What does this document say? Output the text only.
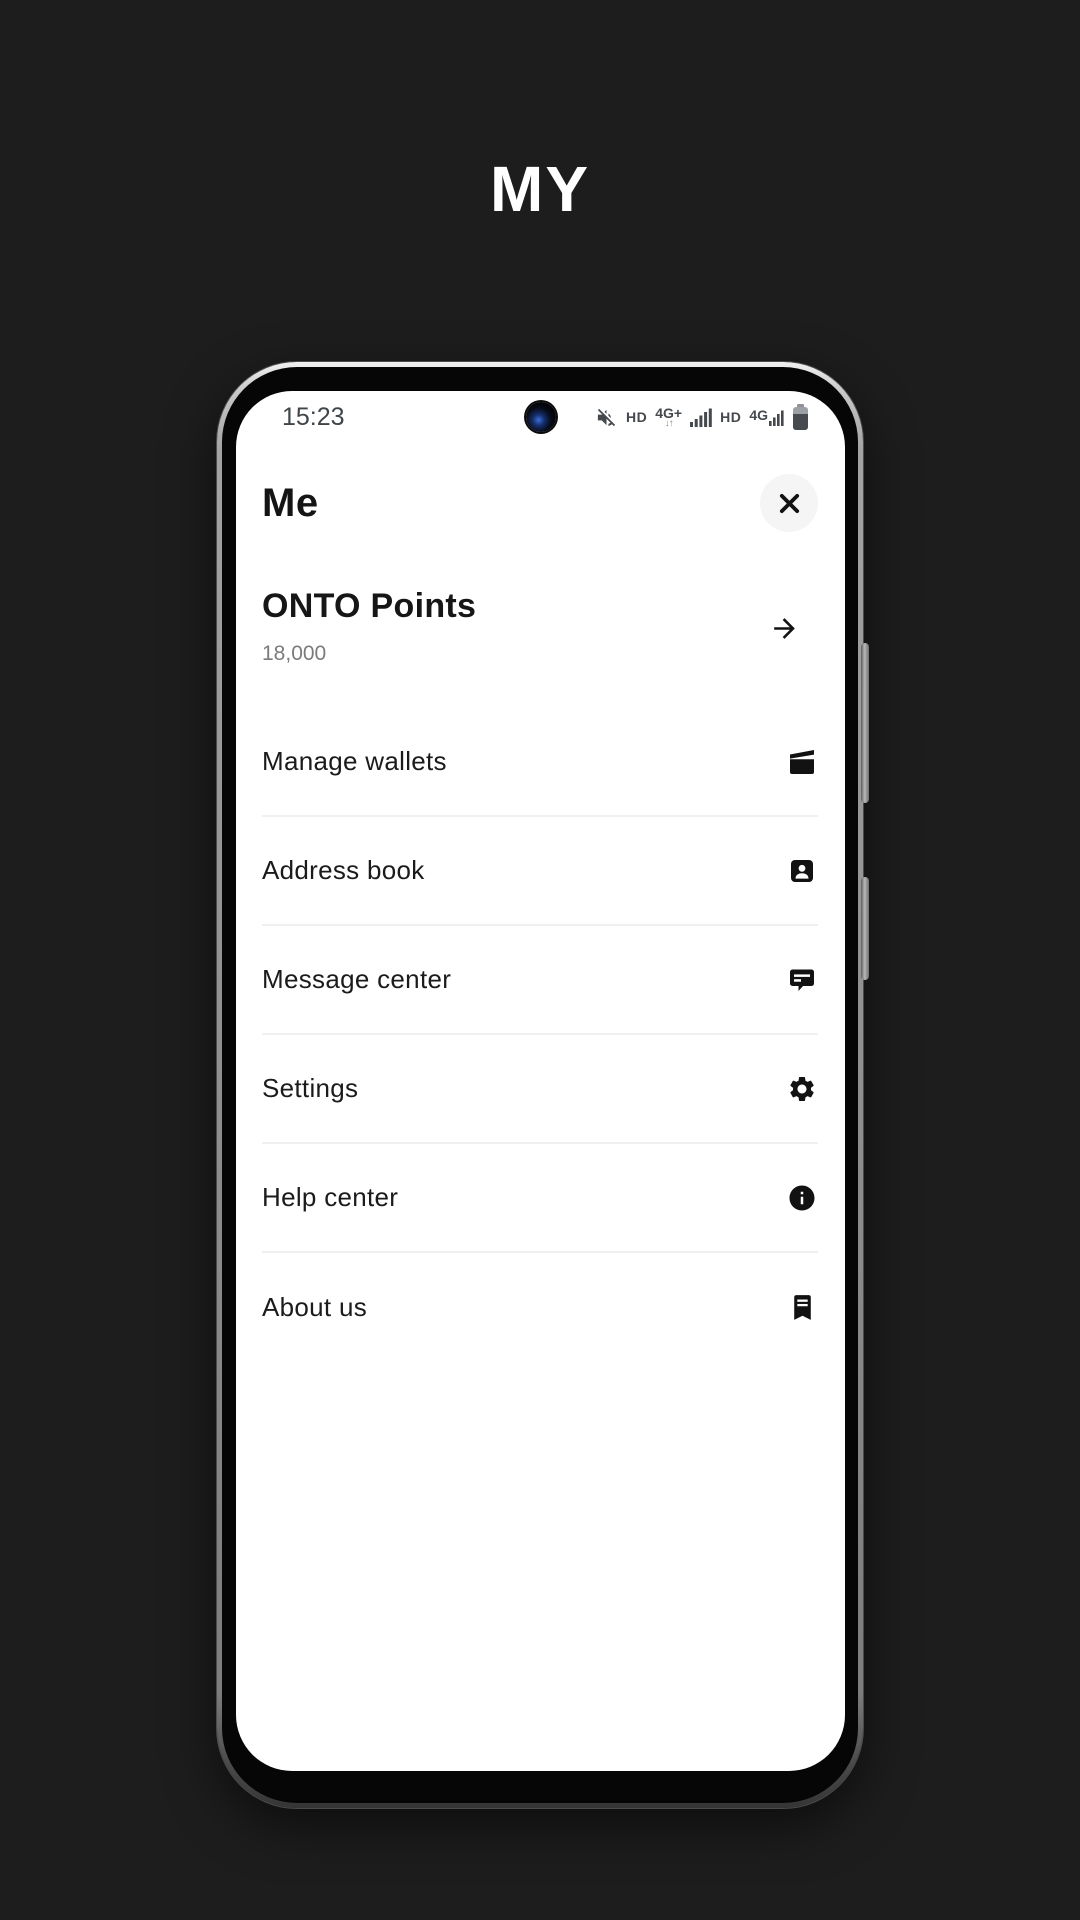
MY
15:23	HD 4G+
↓↑	HD 4G
Me
ONTO Points
18,000
Manage wallets
Address book
Message center
Settings
Help center
About us
